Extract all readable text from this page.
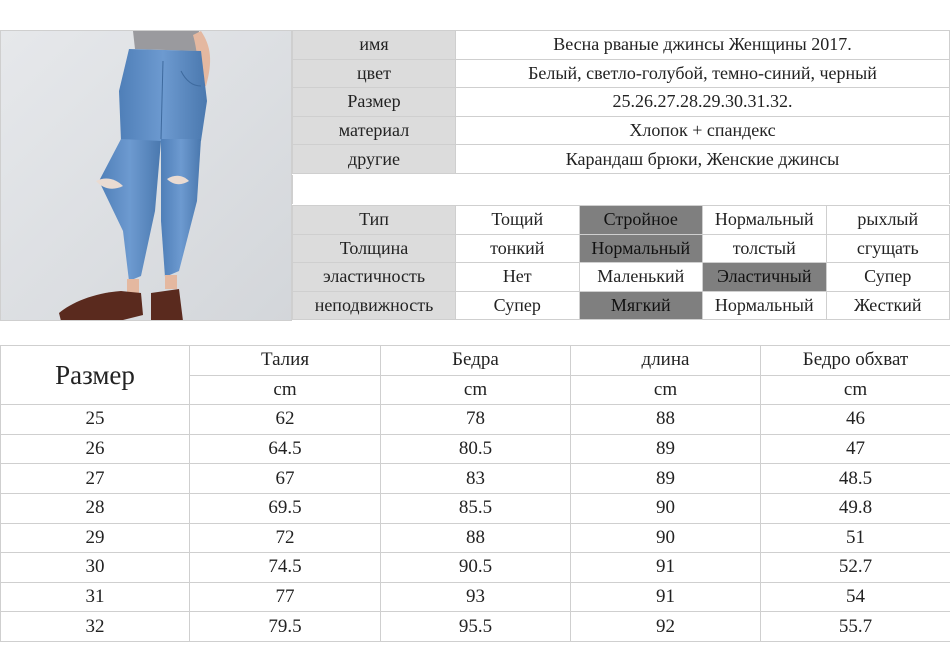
имя	Весна рваные джинсы Женщины 2017.
цвет	Белый, светло-голубой, темно-синий, черный
Размер	25.26.27.28.29.30.31.32.
материал	Хлопок + спандекс
другие	Карандаш брюки, Женские джинсы
Тип	Тощий	Стройное	Нормальный	рыхлый
Толщина	тонкий	Нормальный	толстый	сгущать
эластичность	Нет	Маленький	Эластичный	Супер
неподвижность	Супер	Мягкий	Нормальный	Жесткий
Размер	Талия	Бедра	длина	Бедро обхват
	cm	cm	cm	cm
25	62	78	88	46
26	64.5	80.5	89	47
27	67	83	89	48.5
28	69.5	85.5	90	49.8
29	72	88	90	51
30	74.5	90.5	91	52.7
31	77	93	91	54
32	79.5	95.5	92	55.7
